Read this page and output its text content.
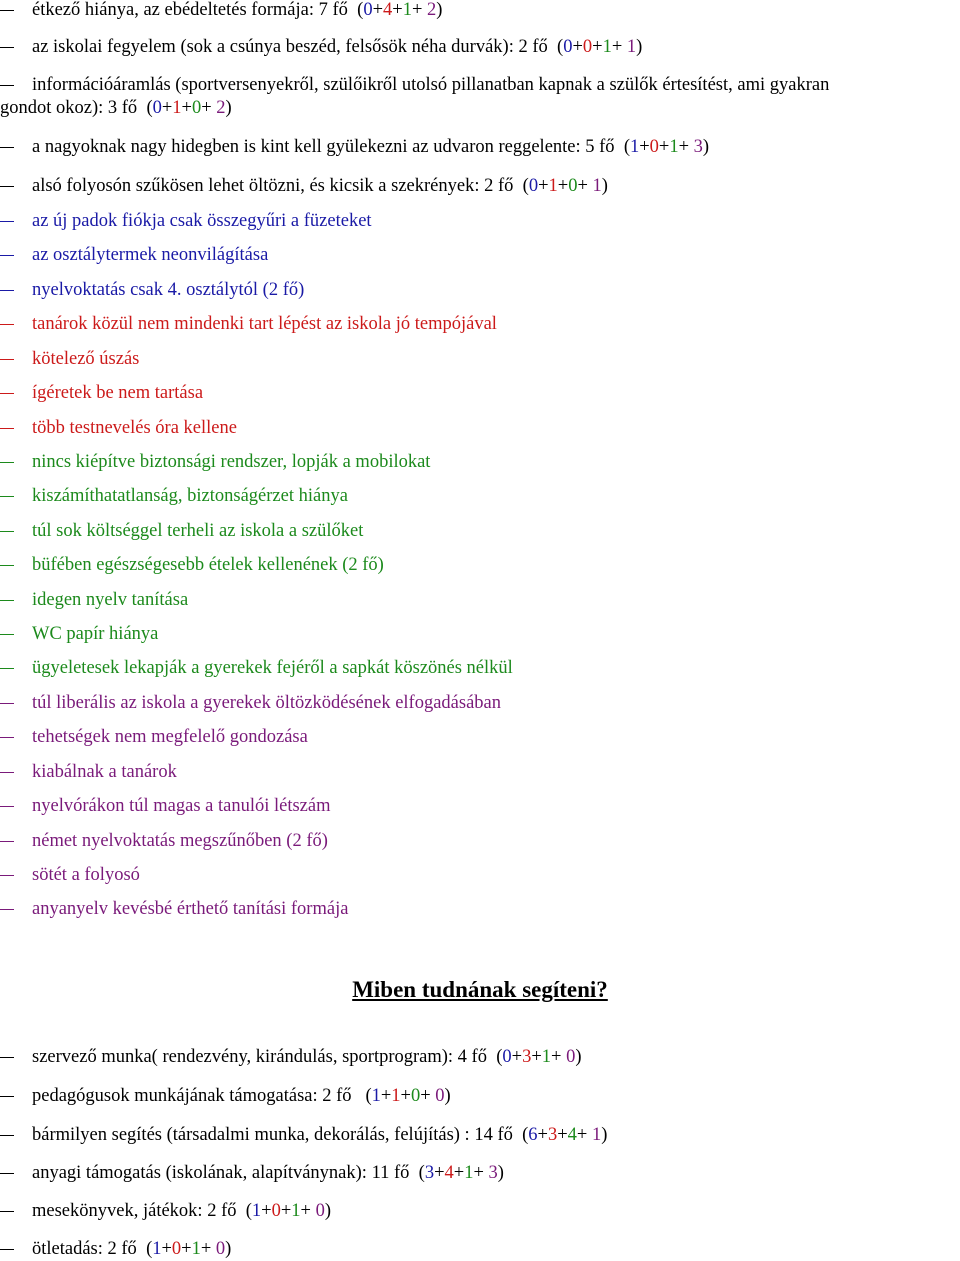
étkező hiánya, az ebédeltetés formája: 7 fő  (0+4+1+ 2)
az iskolai fegyelem (sok a csúnya beszéd, felsősök néha durvák): 2 fő  (0+0+1+ 1)
információáramlás (sportversenyekről, szülőikről utolsó pillanatban kapnak a szülők értesítést, ami gyakran
gondot okoz): 3 fő  (0+1+0+ 2)
a nagyoknak nagy hidegben is kint kell gyülekezni az udvaron reggelente: 5 fő  (1+0+1+ 3)
alsó folyosón szűkösen lehet öltözni, és kicsik a szekrények: 2 fő  (0+1+0+ 1)
az új padok fiókja csak összegyűri a füzeteket
az osztálytermek neonvilágítása
nyelvoktatás csak 4. osztálytól (2 fő)
tanárok közül nem mindenki tart lépést az iskola jó tempójával
kötelező úszás
ígéretek be nem tartása
több testnevelés óra kellene
nincs kiépítve biztonsági rendszer, lopják a mobilokat
kiszámíthatatlanság, biztonságérzet hiánya
túl sok költséggel terheli az iskola a szülőket
büfében egészségesebb ételek kellenének (2 fő)
idegen nyelv tanítása
WC papír hiánya
ügyeletesek lekapják a gyerekek fejéről a sapkát köszönés nélkül
túl liberális az iskola a gyerekek öltözködésének elfogadásában
tehetségek nem megfelelő gondozása
kiabálnak a tanárok
nyelvórákon túl magas a tanulói létszám
német nyelvoktatás megszűnőben (2 fő)
sötét a folyosó
anyanyelv kevésbé érthető tanítási formája
Miben tudnának segíteni?
szervező munka( rendezvény, kirándulás, sportprogram): 4 fő  (0+3+1+ 0)
pedagógusok munkájának támogatása: 2 fő   (1+1+0+ 0)
bármilyen segítés (társadalmi munka, dekorálás, felújítás) : 14 fő  (6+3+4+ 1)
anyagi támogatás (iskolának, alapítványnak): 11 fő  (3+4+1+ 3)
mesekönyvek, játékok: 2 fő  (1+0+1+ 0)
ötletadás: 2 fő  (1+0+1+ 0)
